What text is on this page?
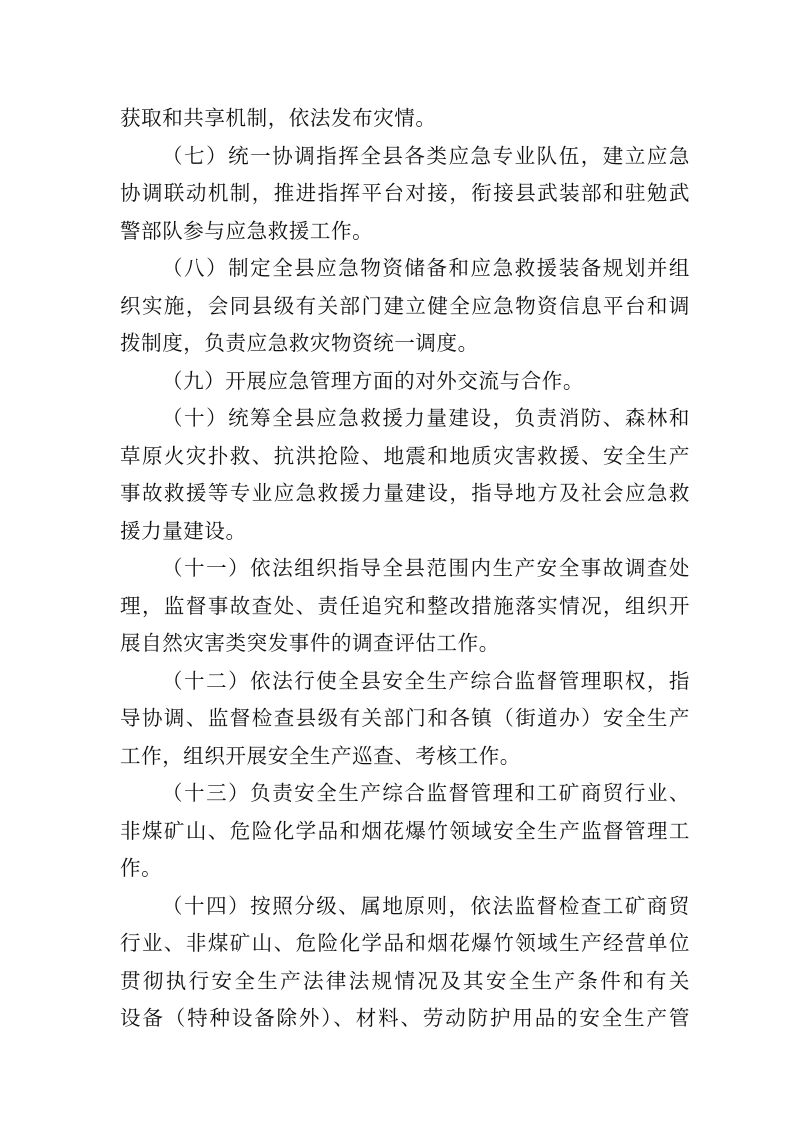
获取和共享机制，依法发布灾情。
（七）统一协调指挥全县各类应急专业队伍，建立应急
协调联动机制，推进指挥平台对接，衔接县武装部和驻勉武
警部队参与应急救援工作。
（八）制定全县应急物资储备和应急救援装备规划并组
织实施，会同县级有关部门建立健全应急物资信息平台和调
拨制度，负责应急救灾物资统一调度。
（九）开展应急管理方面的对外交流与合作。
（十）统筹全县应急救援力量建设，负责消防、森林和
草原火灾扑救、抗洪抢险、地震和地质灾害救援、安全生产
事故救援等专业应急救援力量建设，指导地方及社会应急救
援力量建设。
（十一）依法组织指导全县范围内生产安全事故调查处
理，监督事故查处、责任追究和整改措施落实情况，组织开
展自然灾害类突发事件的调查评估工作。
（十二）依法行使全县安全生产综合监督管理职权，指
导协调、监督检查县级有关部门和各镇（街道办）安全生产
工作，组织开展安全生产巡查、考核工作。
（十三）负责安全生产综合监督管理和工矿商贸行业、
非煤矿山、危险化学品和烟花爆竹领域安全生产监督管理工
作。
（十四）按照分级、属地原则，依法监督检查工矿商贸
行业、非煤矿山、危险化学品和烟花爆竹领域生产经营单位
贯彻执行安全生产法律法规情况及其安全生产条件和有关
设备（特种设备除外）、材料、劳动防护用品的安全生产管
